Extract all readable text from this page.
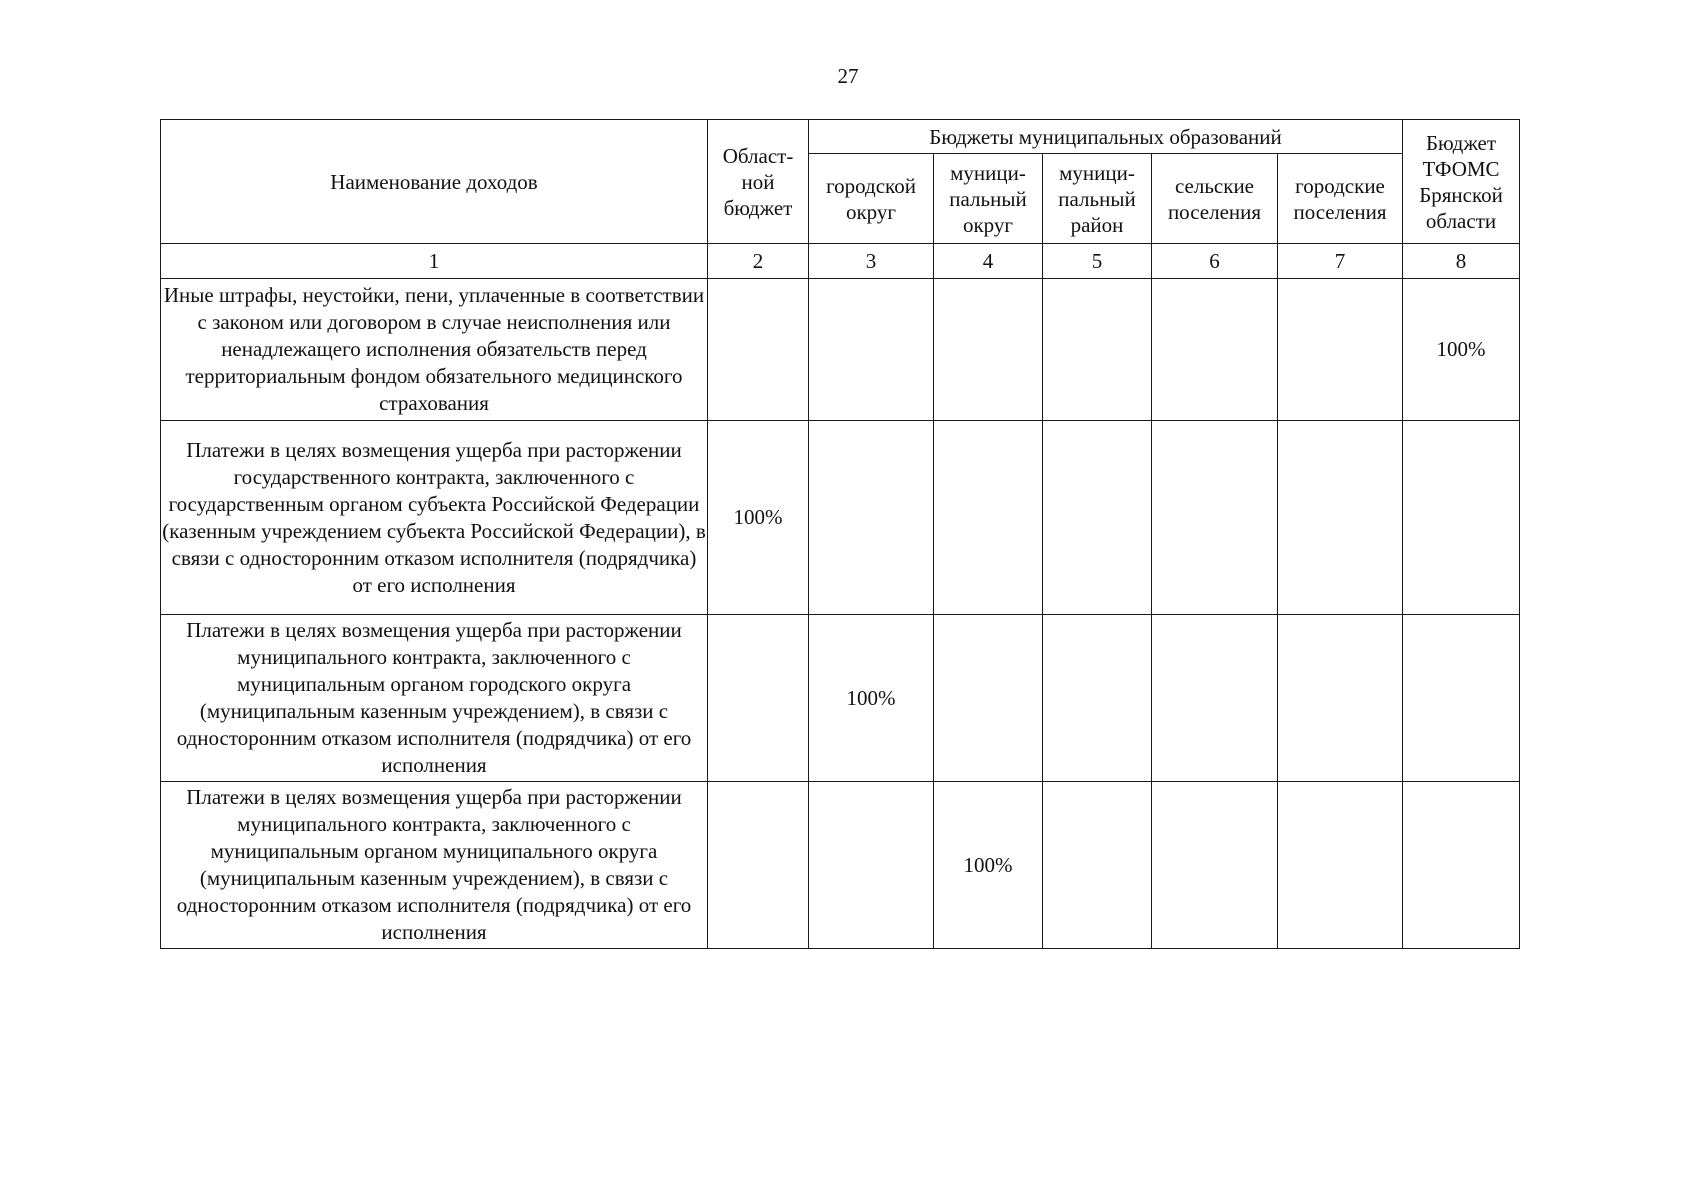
27
Наименование доходов	Област-ной бюджет	Бюджеты муниципальных образований					Бюджет ТФОМС Брянской области
		городской округ	муници-пальный округ	муници-пальный район	сельские поселения	городские поселения	
1	2	3	4	5	6	7	8
Иные штрафы, неустойки, пени, уплаченные в соответствии с законом или договором в случае неисполнения или ненадлежащего исполнения обязательств перед территориальным фондом обязательного медицинского страхования							100%
Платежи в целях возмещения ущерба при расторжении государственного контракта, заключенного с государственным органом субъекта Российской Федерации (казенным учреждением субъекта Российской Федерации), в связи с односторонним отказом исполнителя (подрядчика) от его исполнения	100%						
Платежи в целях возмещения ущерба при расторжении муниципального контракта, заключенного с муниципальным органом городского округа (муниципальным казенным учреждением), в связи с односторонним отказом исполнителя (подрядчика) от его исполнения		100%					
Платежи в целях возмещения ущерба при расторжении муниципального контракта, заключенного с муниципальным органом муниципального округа (муниципальным казенным учреждением), в связи с односторонним отказом исполнителя (подрядчика) от его исполнения			100%				
